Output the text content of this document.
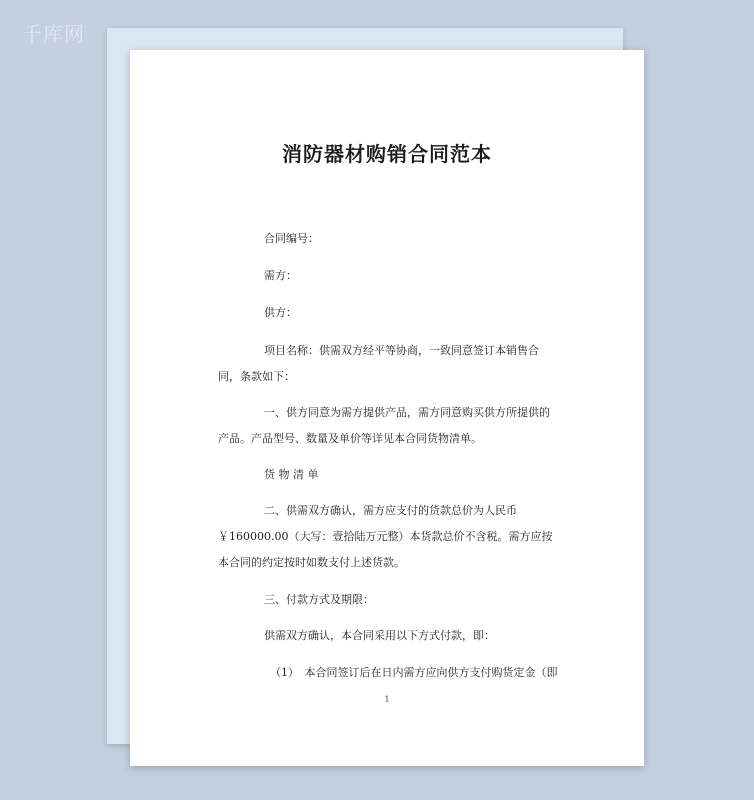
千库网
消防器材购销合同范本

合同编号：

需方：

供方：

项目名称：供需双方经平等协商，一致同意签订本销售合同，条款如下：

一、供方同意为需方提供产品，需方同意购买供方所提供的产品。产品型号、数量及单价等详见本合同货物清单。

货 物 清 单

二、供需双方确认，需方应支付的货款总价为人民币￥160000.00（大写：壹拾陆万元整）本货款总价不含税。需方应按本合同的约定按时如数支付上述货款。

三、付款方式及期限：

供需双方确认，本合同采用以下方式付款，即：

（1）　本合同签订后在日内需方应向供方支付购货定金（即

1
